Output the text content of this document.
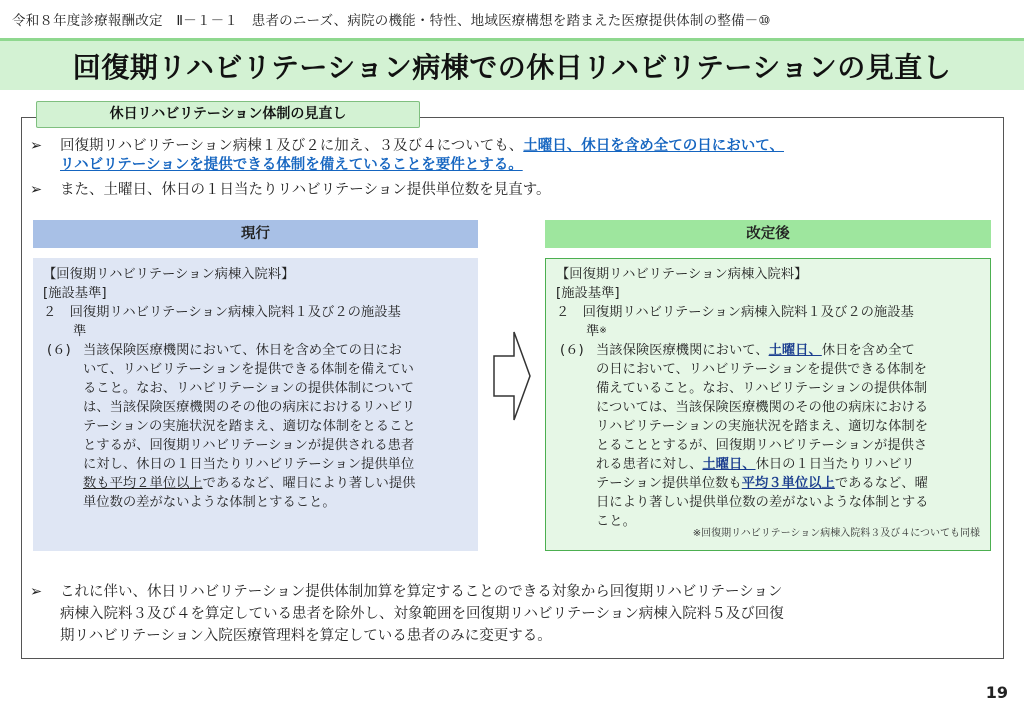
令和８年度診療報酬改定　Ⅱ－１－１　患者のニーズ、病院の機能・特性、地域医療構想を踏まえた医療提供体制の整備－⑩
回復期リハビリテーション病棟での休日リハビリテーションの見直し
休日リハビリテーション体制の見直し
➢ 回復期リハビリテーション病棟１及び２に加え、３及び４についても、土曜日、休日を含め全ての日において、
リハビリテーションを提供できる体制を備えていることを要件とする。
➢ また、土曜日、休日の１日当たりリハビリテーション提供単位数を見直す。
現行	改定後
【回復期リハビリテーション病棟入院料】
[施設基準]
２　回復期リハビリテーション病棟入院料１及び２の施設基
準
(６) 当該保険医療機関において、休日を含め全ての日にお
いて、リハビリテーションを提供できる体制を備えてい
ること。なお、リハビリテーションの提供体制について
は、当該保険医療機関のその他の病床におけるリハビリ
テーションの実施状況を踏まえ、適切な体制をとること
とするが、回復期リハビリテーションが提供される患者
に対し、休日の１日当たりリハビリテーション提供単位
数も平均２単位以上であるなど、曜日により著しい提供
単位数の差がないような体制とすること。
【回復期リハビリテーション病棟入院料】
[施設基準]
２　回復期リハビリテーション病棟入院料１及び２の施設基
準※
(６) 当該保険医療機関において、土曜日、休日を含め全て
の日において、リハビリテーションを提供できる体制を
備えていること。なお、リハビリテーションの提供体制
については、当該保険医療機関のその他の病床における
リハビリテーションの実施状況を踏まえ、適切な体制を
とることとするが、回復期リハビリテーションが提供さ
れる患者に対し、土曜日、休日の１日当たりリハビリ
テーション提供単位数も平均３単位以上であるなど、曜
日により著しい提供単位数の差がないような体制とする
こと。
※回復期リハビリテーション病棟入院料３及び４についても同様
➢ これに伴い、休日リハビリテーション提供体制加算を算定することのできる対象から回復期リハビリテーション
病棟入院料３及び４を算定している患者を除外し、対象範囲を回復期リハビリテーション病棟入院料５及び回復
期リハビリテーション入院医療管理料を算定している患者のみに変更する。
19
